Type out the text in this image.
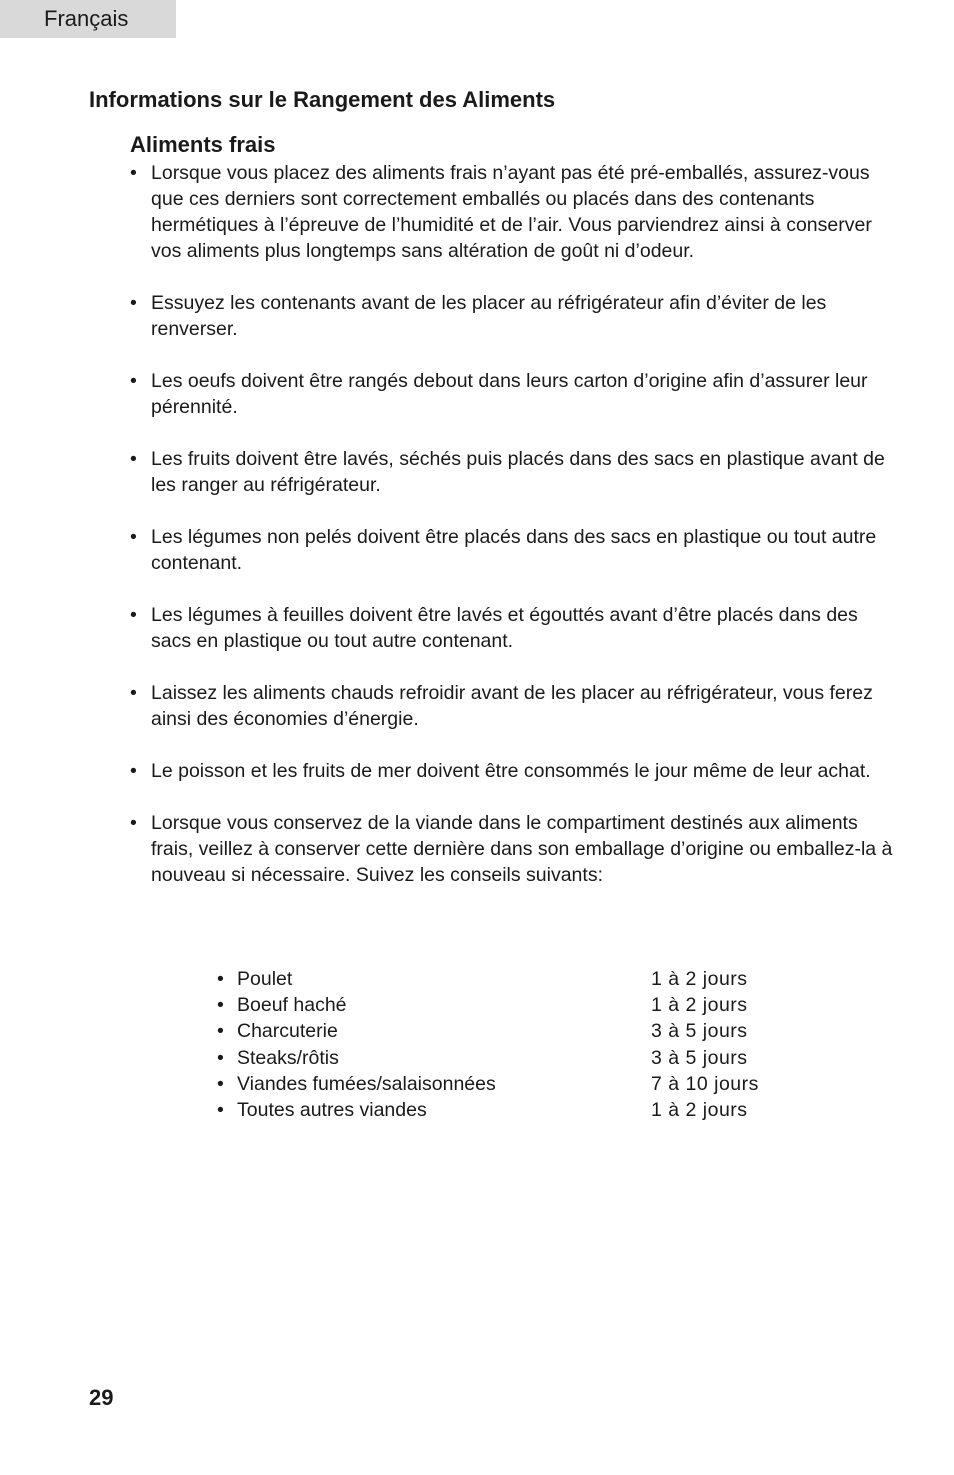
Français
Informations sur le Rangement des Aliments
Aliments frais
• Lorsque vous placez des aliments frais n’ayant pas été pré-emballés, assurez-vous que ces derniers sont correctement emballés ou placés dans des contenants hermétiques à l’épreuve de l’humidité et de l’air. Vous parviendrez ainsi à conserver vos aliments plus longtemps sans altération de goût ni d’odeur.
• Essuyez les contenants avant de les placer au réfrigérateur afin d’éviter de les renverser.
• Les oeufs doivent être rangés debout dans leurs carton d’origine afin d’assurer leur pérennité.
• Les fruits doivent être lavés, séchés puis placés dans des sacs en plastique avant de les ranger au réfrigérateur.
• Les légumes non pelés doivent être placés dans des sacs en plastique ou tout autre contenant.
• Les légumes à feuilles doivent être lavés et égouttés avant d’être placés dans des sacs en plastique ou tout autre contenant.
• Laissez les aliments chauds refroidir avant de les placer au réfrigérateur, vous ferez ainsi des économies d’énergie.
• Le poisson et les fruits de mer doivent être consommés le jour même de leur achat.
• Lorsque vous conservez de la viande dans le compartiment destinés aux aliments frais, veillez à conserver cette dernière dans son emballage d’origine ou emballez-la à nouveau si nécessaire. Suivez les conseils suivants:
• Poulet	1 à 2 jours
• Boeuf haché	1 à 2 jours
• Charcuterie	3 à 5 jours
• Steaks/rôtis	3 à 5 jours
• Viandes fumées/salaisonnées	7 à 10 jours
• Toutes autres viandes	1 à 2 jours
29
